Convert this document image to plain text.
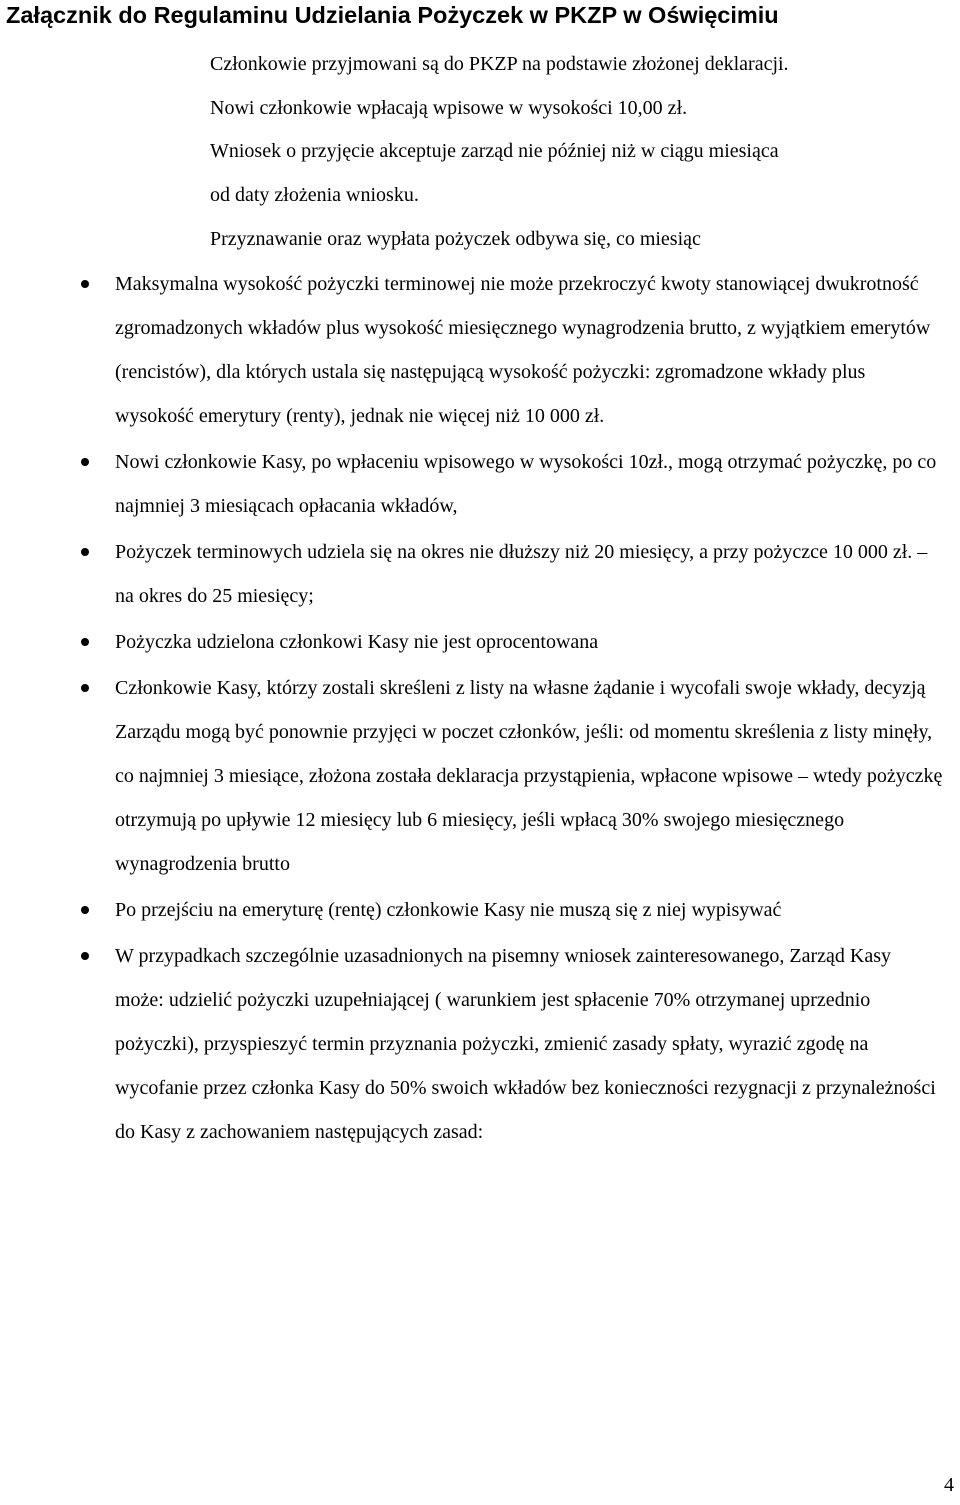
Załącznik do Regulaminu Udzielania Pożyczek w PKZP w Oświęcimiu

Członkowie przyjmowani są do PKZP na podstawie złożonej deklaracji.

Nowi członkowie wpłacają wpisowe w wysokości 10,00 zł.

Wniosek o przyjęcie akceptuje zarząd nie później niż w ciągu miesiąca

od daty złożenia wniosku.

Przyznawanie oraz wypłata pożyczek odbywa się, co miesiąc

Maksymalna wysokość pożyczki terminowej nie może przekroczyć kwoty stanowiącej dwukrotność zgromadzonych wkładów plus wysokość miesięcznego wynagrodzenia brutto, z wyjątkiem emerytów (rencistów), dla których ustala się następującą wysokość pożyczki: zgromadzone wkłady plus wysokość emerytury (renty), jednak nie więcej niż 10 000 zł.
Nowi członkowie Kasy, po wpłaceniu wpisowego w wysokości 10zł., mogą otrzymać pożyczkę, po co najmniej 3 miesiącach opłacania wkładów,
Pożyczek terminowych udziela się na okres nie dłuższy niż 20 miesięcy, a przy pożyczce 10 000 zł. – na okres do 25 miesięcy;
Pożyczka udzielona członkowi Kasy nie jest oprocentowana
Członkowie Kasy, którzy zostali skreśleni z listy na własne żądanie i wycofali swoje wkłady, decyzją Zarządu mogą być ponownie przyjęci w poczet członków, jeśli: od momentu skreślenia z listy minęły, co najmniej 3 miesiące, złożona została deklaracja przystąpienia, wpłacone wpisowe – wtedy pożyczkę otrzymują po upływie 12 miesięcy lub 6 miesięcy, jeśli wpłacą 30% swojego miesięcznego wynagrodzenia brutto
Po przejściu na emeryturę (rentę) członkowie Kasy nie muszą się z niej wypisywać
W przypadkach szczególnie uzasadnionych na pisemny wniosek zainteresowanego, Zarząd Kasy może: udzielić pożyczki uzupełniającej ( warunkiem jest spłacenie 70% otrzymanej uprzednio pożyczki), przyspieszyć termin przyznania pożyczki, zmienić zasady spłaty, wyrazić zgodę na wycofanie przez członka Kasy do 50% swoich wkładów bez konieczności rezygnacji z przynależności do Kasy z zachowaniem następujących zasad:
4
